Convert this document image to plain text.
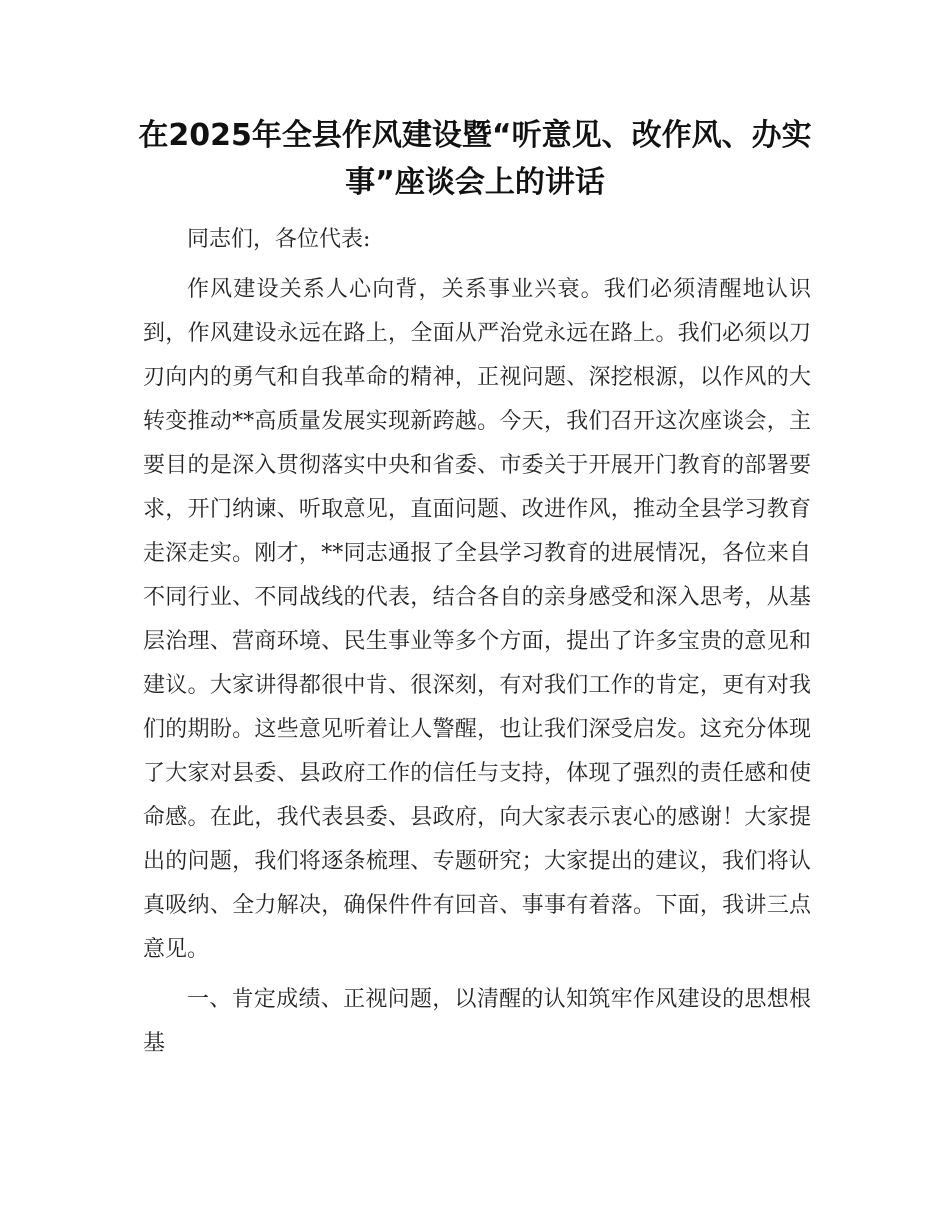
在2025年全县作风建设暨“听意见、改作风、办实事”座谈会上的讲话

同志们，各位代表:

作风建设关系人心向背，关系事业兴衰。我们必须清醒地认识到，作风建设永远在路上，全面从严治党永远在路上。我们必须以刀刃向内的勇气和自我革命的精神，正视问题、深挖根源，以作风的大转变推动**高质量发展实现新跨越。今天，我们召开这次座谈会，主要目的是深入贯彻落实中央和省委、市委关于开展开门教育的部署要求，开门纳谏、听取意见，直面问题、改进作风，推动全县学习教育走深走实。刚才，**同志通报了全县学习教育的进展情况，各位来自不同行业、不同战线的代表，结合各自的亲身感受和深入思考，从基层治理、营商环境、民生事业等多个方面，提出了许多宝贵的意见和建议。大家讲得都很中肯、很深刻，有对我们工作的肯定，更有对我们的期盼。这些意见听着让人警醒，也让我们深受启发。这充分体现了大家对县委、县政府工作的信任与支持，体现了强烈的责任感和使命感。在此，我代表县委、县政府，向大家表示衷心的感谢！大家提出的问题，我们将逐条梳理、专题研究；大家提出的建议，我们将认真吸纳、全力解决，确保件件有回音、事事有着落。下面，我讲三点意见。

一、肯定成绩、正视问题，以清醒的认知筑牢作风建设的思想根基
